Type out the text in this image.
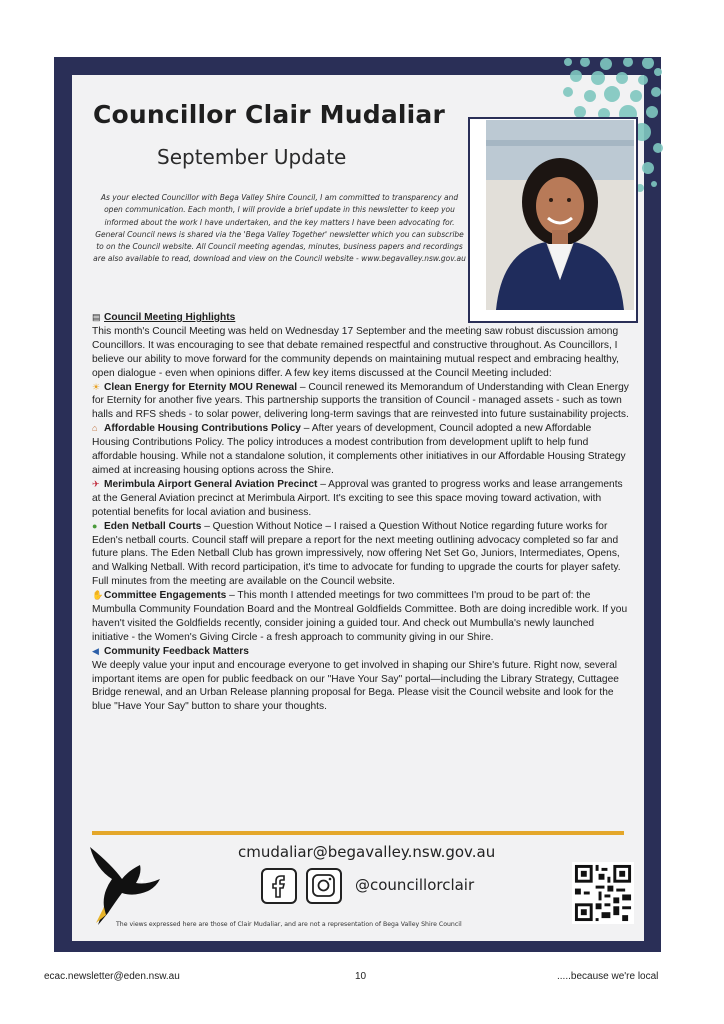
Councillor Clair Mudaliar
September Update
As your elected Councillor with Bega Valley Shire Council, I am committed to transparency and open communication. Each month, I will provide a brief update in this newsletter to keep you informed about the work I have undertaken, and the key matters I have been advocating for. General Council news is shared via the 'Bega Valley Together' newsletter which you can subscribe to on the Council website. All Council meeting agendas, minutes, business papers and recordings are also available to read, download and view on the Council website - www.begavalley.nsw.gov.au

▤ Council Meeting Highlights

This month's Council Meeting was held on Wednesday 17 September and the meeting saw robust discussion among Councillors. It was encouraging to see that debate remained respectful and constructive throughout. As Councillors, I believe our ability to move forward for the community depends on maintaining mutual respect and embracing healthy, open dialogue - even when opinions differ. A few key items discussed at the Council Meeting included:

☀ Clean Energy for Eternity MOU Renewal – Council renewed its Memorandum of Understanding with Clean Energy for Eternity for another five years. This partnership supports the transition of Council - managed assets - such as town halls and RFS sheds - to solar power, delivering long-term savings that are reinvested into future sustainability projects.

⌂ Affordable Housing Contributions Policy – After years of development, Council adopted a new Affordable Housing Contributions Policy. The policy introduces a modest contribution from development uplift to help fund affordable housing. While not a standalone solution, it complements other initiatives in our Affordable Housing Strategy aimed at increasing housing options across the Shire.

✈ Merimbula Airport General Aviation Precinct – Approval was granted to progress works and lease arrangements at the General Aviation precinct at Merimbula Airport. It's exciting to see this space moving toward activation, with potential benefits for local aviation and business.

● Eden Netball Courts – Question Without Notice – I raised a Question Without Notice regarding future works for Eden's netball courts. Council staff will prepare a report for the next meeting outlining advocacy completed so far and future plans. The Eden Netball Club has grown impressively, now offering Net Set Go, Juniors, Intermediates, Opens, and Walking Netball. With record participation, it's time to advocate for funding to upgrade the courts for player safety.

Full minutes from the meeting are available on the Council website.

✋Committee Engagements – This month I attended meetings for two committees I'm proud to be part of: the Mumbulla Community Foundation Board and the Montreal Goldfields Committee. Both are doing incredible work. If you haven't visited the Goldfields recently, consider joining a guided tour. And check out Mumbulla's newly launched initiative - the Women's Giving Circle - a fresh approach to community giving in our Shire.

◀ Community Feedback Matters

We deeply value your input and encourage everyone to get involved in shaping our Shire's future. Right now, several important items are open for public feedback on our "Have Your Say" portal—including the Library Strategy, Cuttagee Bridge renewal, and an Urban Release planning proposal for Bega. Please visit the Council website and look for the blue "Have Your Say" button to share your thoughts.

cmudaliar@begavalley.nsw.gov.au
@councillorclair
The views expressed here are those of Clair Mudaliar, and are not a representation of Bega Valley Shire Council
ecac.newsletter@eden.nsw.au	10	.....because we're local
